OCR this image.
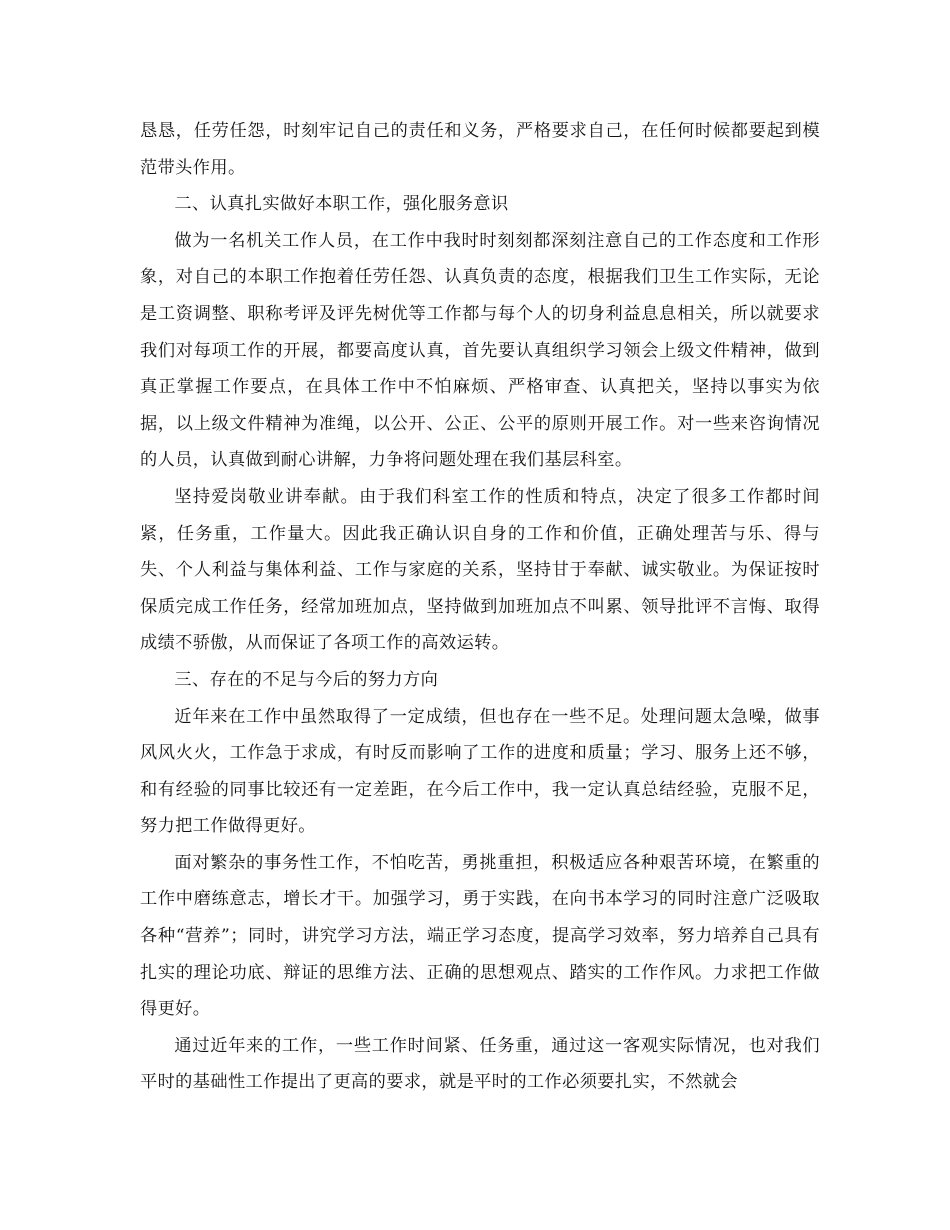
恳恳，任劳任怨，时刻牢记自己的责任和义务，严格要求自己，在任何时候都要起到模范带头作用。

二、认真扎实做好本职工作，强化服务意识

做为一名机关工作人员，在工作中我时时刻刻都深刻注意自己的工作态度和工作形象，对自己的本职工作抱着任劳任怨、认真负责的态度，根据我们卫生工作实际，无论是工资调整、职称考评及评先树优等工作都与每个人的切身利益息息相关，所以就要求我们对每项工作的开展，都要高度认真，首先要认真组织学习领会上级文件精神，做到真正掌握工作要点，在具体工作中不怕麻烦、严格审查、认真把关，坚持以事实为依据，以上级文件精神为准绳，以公开、公正、公平的原则开展工作。对一些来咨询情况的人员，认真做到耐心讲解，力争将问题处理在我们基层科室。

坚持爱岗敬业讲奉献。由于我们科室工作的性质和特点，决定了很多工作都时间紧，任务重，工作量大。因此我正确认识自身的工作和价值，正确处理苦与乐、得与失、个人利益与集体利益、工作与家庭的关系，坚持甘于奉献、诚实敬业。为保证按时保质完成工作任务，经常加班加点，坚持做到加班加点不叫累、领导批评不言悔、取得成绩不骄傲，从而保证了各项工作的高效运转。

三、存在的不足与今后的努力方向

近年来在工作中虽然取得了一定成绩，但也存在一些不足。处理问题太急噪，做事风风火火，工作急于求成，有时反而影响了工作的进度和质量；学习、服务上还不够，和有经验的同事比较还有一定差距，在今后工作中，我一定认真总结经验，克服不足，努力把工作做得更好。

面对繁杂的事务性工作，不怕吃苦，勇挑重担，积极适应各种艰苦环境，在繁重的工作中磨练意志，增长才干。加强学习，勇于实践，在向书本学习的同时注意广泛吸取各种“营养”；同时，讲究学习方法，端正学习态度，提高学习效率，努力培养自己具有扎实的理论功底、辩证的思维方法、正确的思想观点、踏实的工作作风。力求把工作做得更好。

通过近年来的工作，一些工作时间紧、任务重，通过这一客观实际情况，也对我们平时的基础性工作提出了更高的要求，就是平时的工作必须要扎实，不然就会
